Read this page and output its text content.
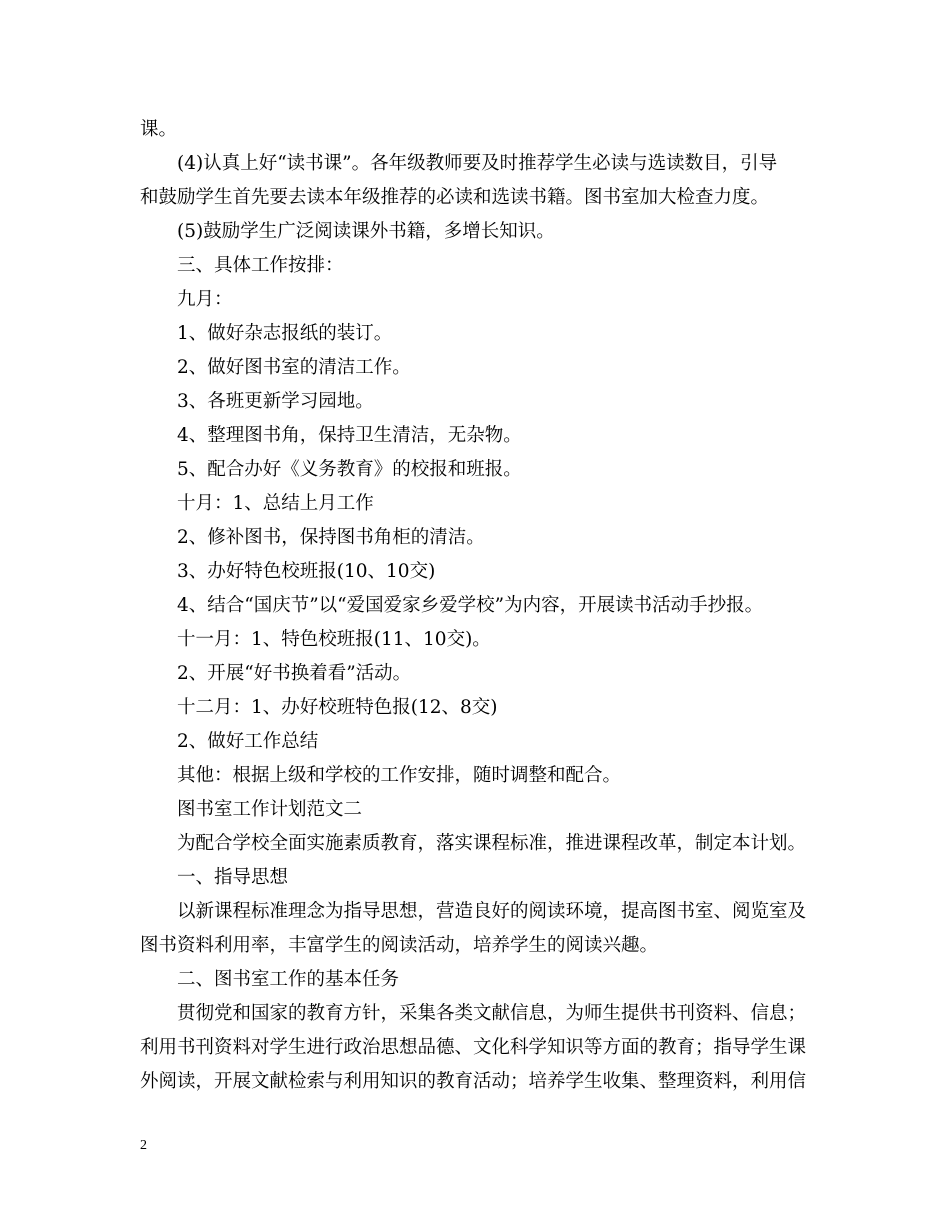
课。

(4)认真上好“读书课”。各年级教师要及时推荐学生必读与选读数目，引导
和鼓励学生首先要去读本年级推荐的必读和选读书籍。图书室加大检查力度。

(5)鼓励学生广泛阅读课外书籍，多增长知识。

三、具体工作按排：

九月：

1、做好杂志报纸的装订。

2、做好图书室的清洁工作。

3、各班更新学习园地。

4、整理图书角，保持卫生清洁，无杂物。

5、配合办好《义务教育》的校报和班报。

十月：1、总结上月工作

2、修补图书，保持图书角柜的清洁。

3、办好特色校班报(10、10交)

4、结合“国庆节”以“爱国爱家乡爱学校”为内容，开展读书活动手抄报。

十一月：1、特色校班报(11、10交)。

2、开展“好书换着看”活动。

十二月：1、办好校班特色报(12、8交)

2、做好工作总结

其他：根据上级和学校的工作安排，随时调整和配合。

图书室工作计划范文二

为配合学校全面实施素质教育，落实课程标准，推进课程改革，制定本计划。

一、指导思想

以新课程标准理念为指导思想，营造良好的阅读环境，提高图书室、阅览室及
图书资料利用率，丰富学生的阅读活动，培养学生的阅读兴趣。

二、图书室工作的基本任务

贯彻党和国家的教育方针，采集各类文献信息，为师生提供书刊资料、信息；
利用书刊资料对学生进行政治思想品德、文化科学知识等方面的教育；指导学生课
外阅读，开展文献检索与利用知识的教育活动；培养学生收集、整理资料，利用信

2
